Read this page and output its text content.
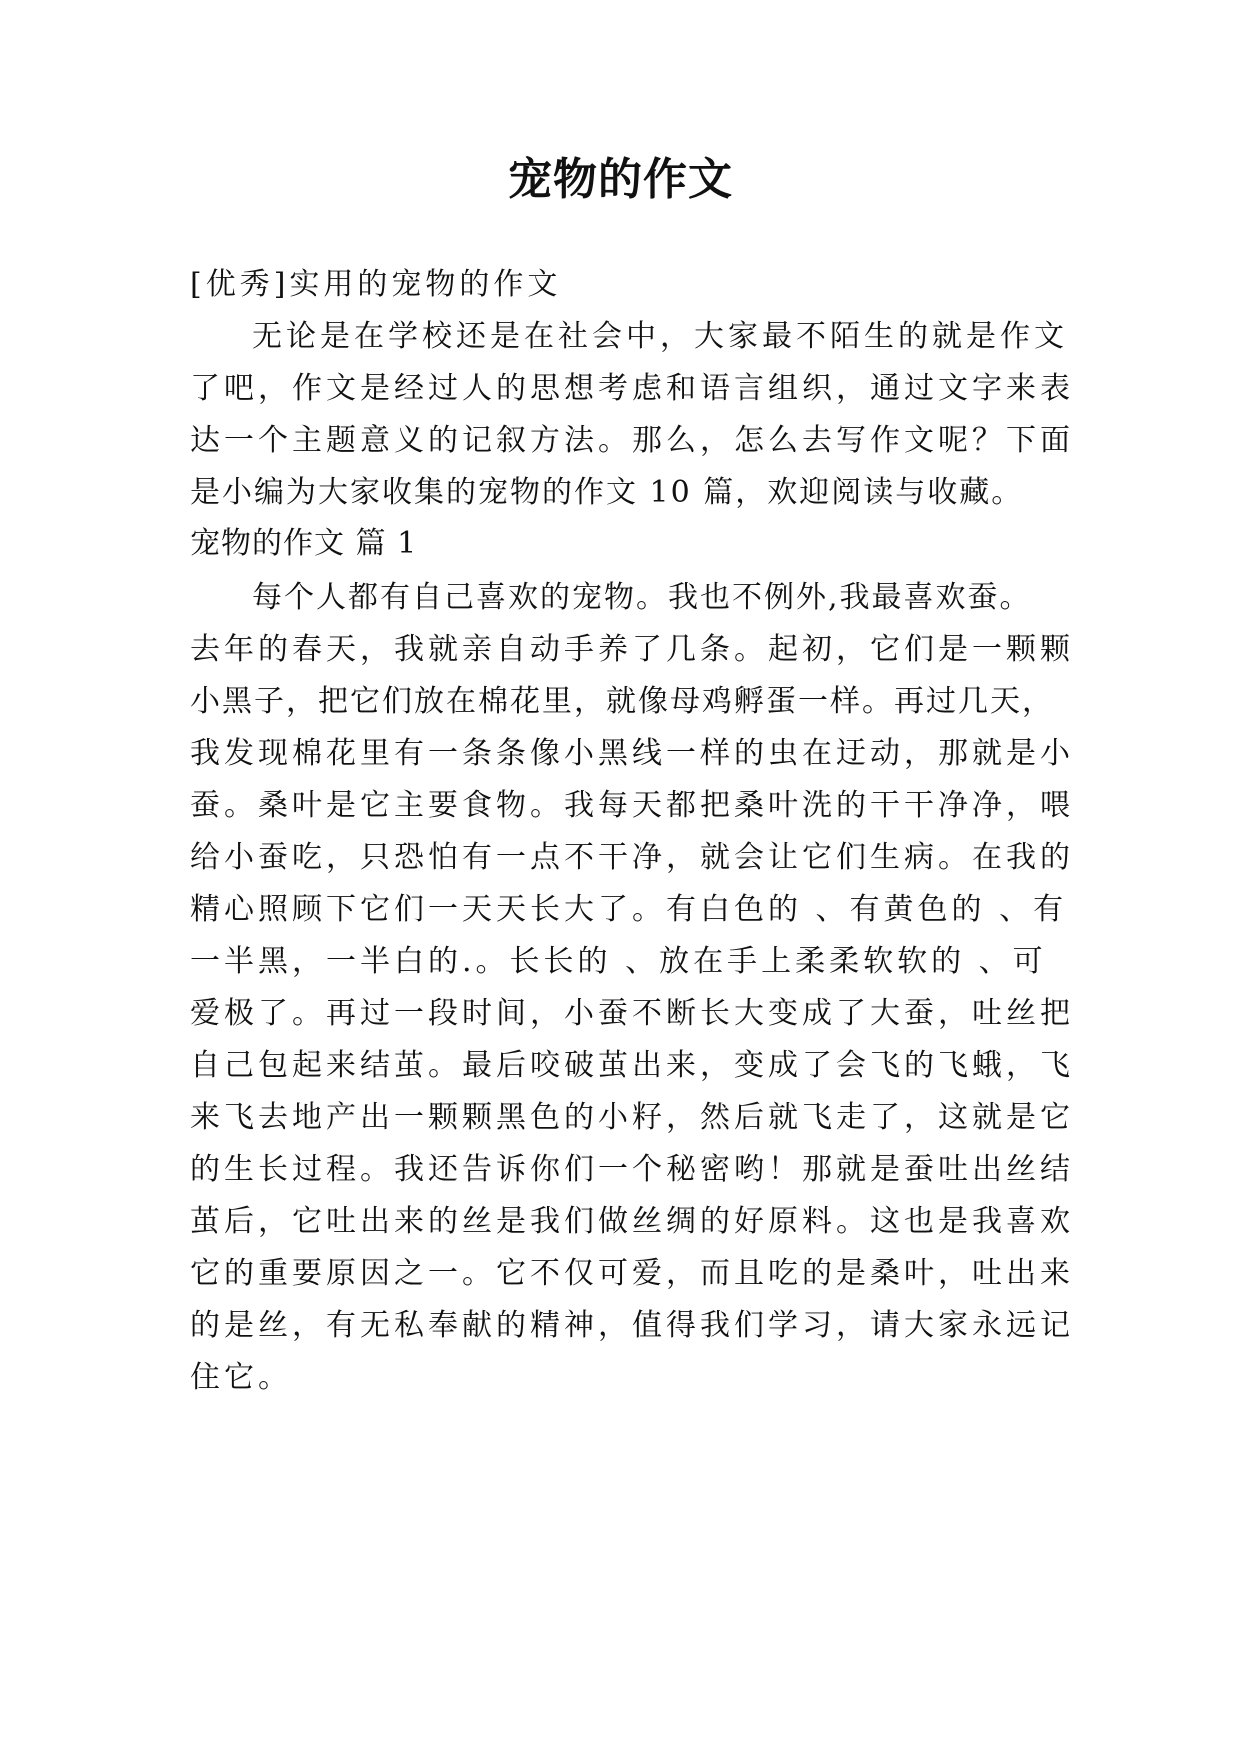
宠物的作文
[优秀]实用的宠物的作文
无论是在学校还是在社会中，大家最不陌生的就是作文
了吧，作文是经过人的思想考虑和语言组织，通过文字来表
达一个主题意义的记叙方法。那么，怎么去写作文呢？下面
是小编为大家收集的宠物的作文 10 篇，欢迎阅读与收藏。
宠物的作文 篇 1
每个人都有自己喜欢的宠物。我也不例外,我最喜欢蚕。
去年的春天，我就亲自动手养了几条。起初，它们是一颗颗
小黑子，把它们放在棉花里，就像母鸡孵蛋一样。再过几天，
我发现棉花里有一条条像小黑线一样的虫在迂动，那就是小
蚕。桑叶是它主要食物。我每天都把桑叶洗的干干净净，喂
给小蚕吃，只恐怕有一点不干净，就会让它们生病。在我的
精心照顾下它们一天天长大了。有白色的 、有黄色的 、有
一半黑，一半白的.。长长的 、放在手上柔柔软软的 、可
爱极了。再过一段时间，小蚕不断长大变成了大蚕，吐丝把
自己包起来结茧。最后咬破茧出来，变成了会飞的飞蛾，飞
来飞去地产出一颗颗黑色的小籽，然后就飞走了，这就是它
的生长过程。我还告诉你们一个秘密哟！那就是蚕吐出丝结
茧后，它吐出来的丝是我们做丝绸的好原料。这也是我喜欢
它的重要原因之一。它不仅可爱，而且吃的是桑叶，吐出来
的是丝，有无私奉献的精神，值得我们学习，请大家永远记
住它。
